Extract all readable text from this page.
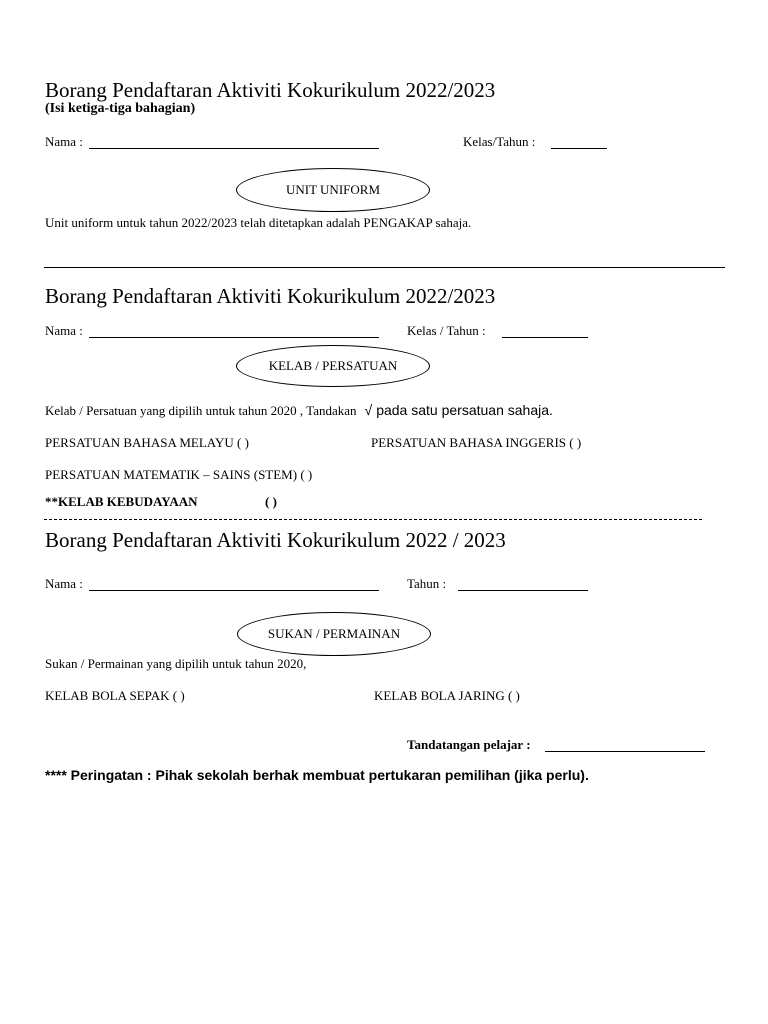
Borang Pendaftaran Aktiviti Kokurikulum 2022/2023
(Isi ketiga-tiga bahagian)
Nama :	Kelas/Tahun :
UNIT UNIFORM
Unit uniform untuk tahun 2022/2023 telah ditetapkan adalah PENGAKAP sahaja.
Borang Pendaftaran Aktiviti Kokurikulum 2022/2023
Nama :	Kelas / Tahun :
KELAB / PERSATUAN
Kelab / Persatuan yang dipilih untuk tahun 2020 , Tandakan √ pada satu persatuan sahaja.
PERSATUAN BAHASA MELAYU ( )	PERSATUAN BAHASA INGGERIS ( )
PERSATUAN MATEMATIK – SAINS (STEM) ( )
**KELAB KEBUDAYAAN	( )
Borang Pendaftaran Aktiviti Kokurikulum 2022 / 2023
Nama :	Tahun :
SUKAN / PERMAINAN
Sukan / Permainan yang dipilih untuk tahun 2020,
KELAB BOLA SEPAK ( )	KELAB BOLA JARING ( )
Tandatangan pelajar :
**** Peringatan : Pihak sekolah berhak membuat pertukaran pemilihan (jika perlu).
